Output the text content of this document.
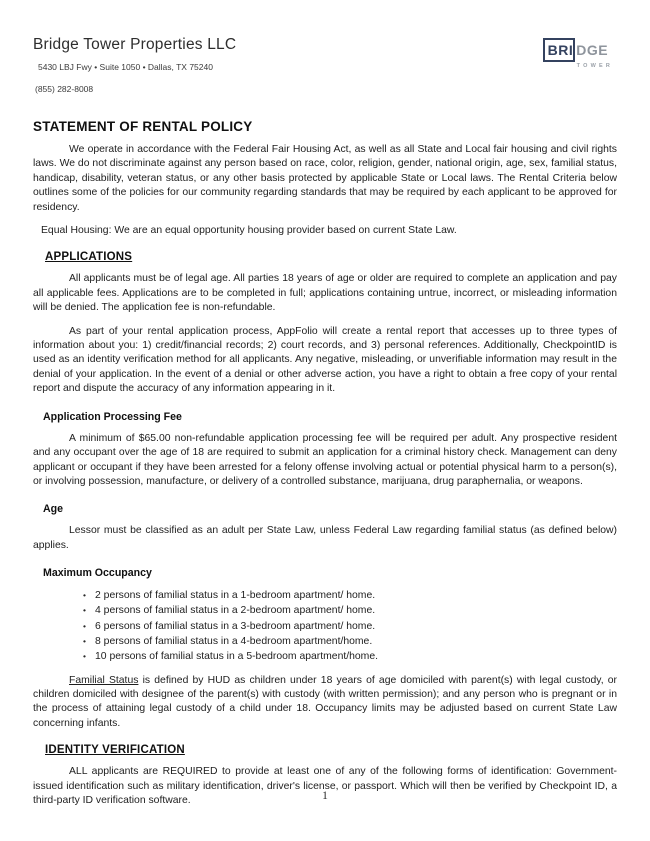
Bridge Tower Properties LLC
5430 LBJ Fwy • Suite 1050 • Dallas, TX 75240
(855) 282-8008
BRI DGE
TOWER
STATEMENT OF RENTAL POLICY

We operate in accordance with the Federal Fair Housing Act, as well as all State and Local fair housing and civil rights laws. We do not discriminate against any person based on race, color, religion, gender, national origin, age, sex, familial status, handicap, disability, veteran status, or any other basis protected by applicable State or Local laws. The Rental Criteria below outlines some of the policies for our community regarding standards that may be required by each applicant to be approved for residency.

Equal Housing: We are an equal opportunity housing provider based on current State Law.
APPLICATIONS

All applicants must be of legal age. All parties 18 years of age or older are required to complete an application and pay all applicable fees. Applications are to be completed in full; applications containing untrue, incorrect, or misleading information will be denied. The application fee is non-refundable.

As part of your rental application process, AppFolio will create a rental report that accesses up to three types of information about you: 1) credit/financial records; 2) court records, and 3) personal references. Additionally, CheckpointID is used as an identity verification method for all applicants. Any negative, misleading, or unverifiable information may result in the denial of your application. In the event of a denial or other adverse action, you have a right to obtain a free copy of your rental report and dispute the accuracy of any information appearing in it.

Application Processing Fee

A minimum of $65.00 non-refundable application processing fee will be required per adult. Any prospective resident and any occupant over the age of 18 are required to submit an application for a criminal history check. Management can deny applicant or occupant if they have been arrested for a felony offense involving actual or potential physical harm to a person(s), or involving possession, manufacture, or delivery of a controlled substance, marijuana, drug paraphernalia, or weapons.

Age

Lessor must be classified as an adult per State Law, unless Federal Law regarding familial status (as defined below) applies.

Maximum Occupancy
• 2 persons of familial status in a 1-bedroom apartment/ home.
• 4 persons of familial status in a 2-bedroom apartment/ home.
• 6 persons of familial status in a 3-bedroom apartment/ home.
• 8 persons of familial status in a 4-bedroom apartment/home.
• 10 persons of familial status in a 5-bedroom apartment/home.

Familial Status is defined by HUD as children under 18 years of age domiciled with parent(s) with legal custody, or children domiciled with designee of the parent(s) with custody (with written permission); and any person who is pregnant or in the process of attaining legal custody of a child under 18. Occupancy limits may be adjusted based on current State Law concerning infants.

IDENTITY VERIFICATION

ALL applicants are REQUIRED to provide at least one of any of the following forms of identification: Government-issued identification such as military identification, driver's license, or passport. Which will then be verified by Checkpoint ID, a third-party ID verification software.	1
